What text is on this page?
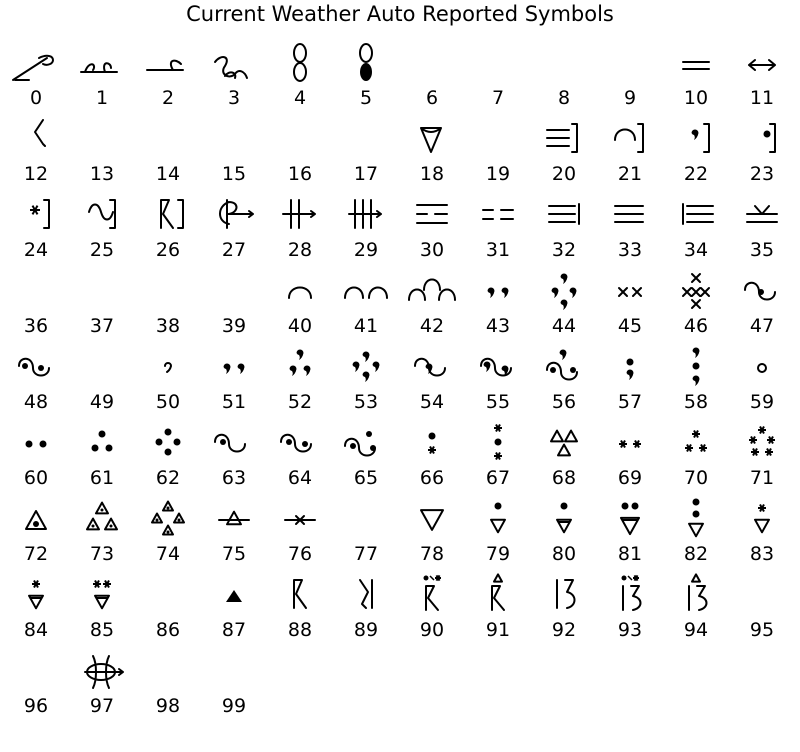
Current Weather Auto Reported Symbols
0	1	2	3	4	5	6	7	8	9	10	11
12	13	14	15	16	17	18	19	20	21	22	23
24	25	26	27	28	29	30	31	32	33	34	35
36	37	38	39	40	41	42	43	44	45	46	47
48	49	50	51	52	53	54	55	56	57	58	59
60	61	62	63	64	65	66	67	68	69	70	71
72	73	74	75	76	77	78	79	80	81	82	83
84	85	86	87	88	89	90	91	92	93	94	95
96	97	98	99
